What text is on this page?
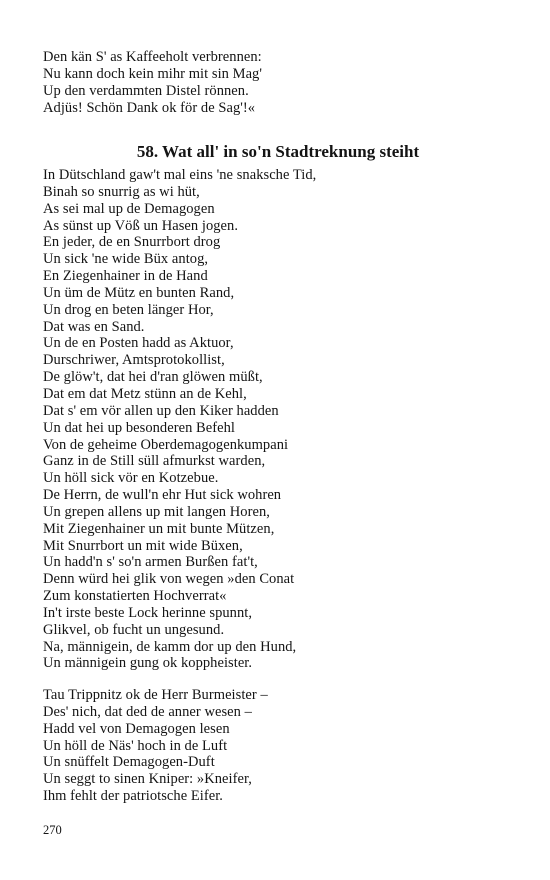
Den kän S' as Kaffeeholt verbrennen:
Nu kann doch kein mihr mit sin Mag'
Up den verdammten Distel rönnen.
Adjüs! Schön Dank ok för de Sag'!«
58. Wat all' in so'n Stadtreknung steiht
In Dütschland gaw't mal eins 'ne snaksche Tid,
Binah so snurrig as wi hüt,
As sei mal up de Demagogen
As sünst up Vöß un Hasen jogen.
En jeder, de en Snurrbort drog
Un sick 'ne wide Büx antog,
En Ziegenhainer in de Hand
Un üm de Mütz en bunten Rand,
Un drog en beten länger Hor,
Dat was en Sand.
Un de en Posten hadd as Aktuor,
Durschriwer, Amtsprotokollist,
De glöw't, dat hei d'ran glöwen müßt,
Dat em dat Metz stünn an de Kehl,
Dat s' em vör allen up den Kiker hadden
Un dat hei up besonderen Befehl
Von de geheime Oberdemagogenkumpani
Ganz in de Still süll afmurkst warden,
Un höll sick vör en Kotzebue.
De Herrn, de wull'n ehr Hut sick wohren
Un grepen allens up mit langen Horen,
Mit Ziegenhainer un mit bunte Mützen,
Mit Snurrbort un mit wide Büxen,
Un hadd'n s' so'n armen Burßen fat't,
Denn würd hei glik von wegen »den Conat
Zum konstatierten Hochverrat«
In't irste beste Lock herinne spunnt,
Glikvel, ob fucht un ungesund.
Na, männigein, de kamm dor up den Hund,
Un männigein gung ok koppheister.
Tau Trippnitz ok de Herr Burmeister –
Des' nich, dat ded de anner wesen –
Hadd vel von Demagogen lesen
Un höll de Näs' hoch in de Luft
Un snüffelt Demagogen-Duft
Un seggt to sinen Kniper: »Kneifer,
Ihm fehlt der patriotsche Eifer.
270
